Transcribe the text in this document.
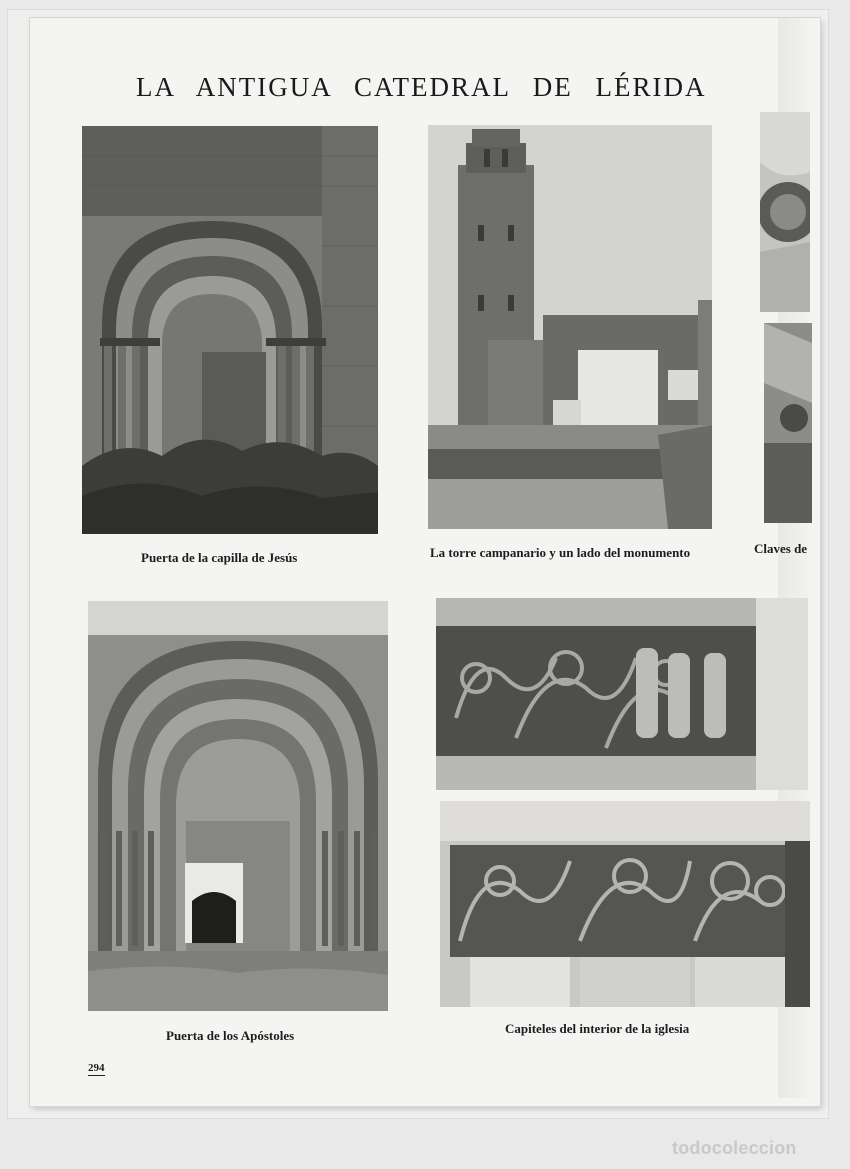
LA ANTIGUA CATEDRAL DE LÉRIDA
Puerta de la capilla de Jesús	La torre campanario y un lado del monumento	Claves de
Puerta de los Apóstoles	Capiteles del interior de la iglesia
294
todocoleccion
